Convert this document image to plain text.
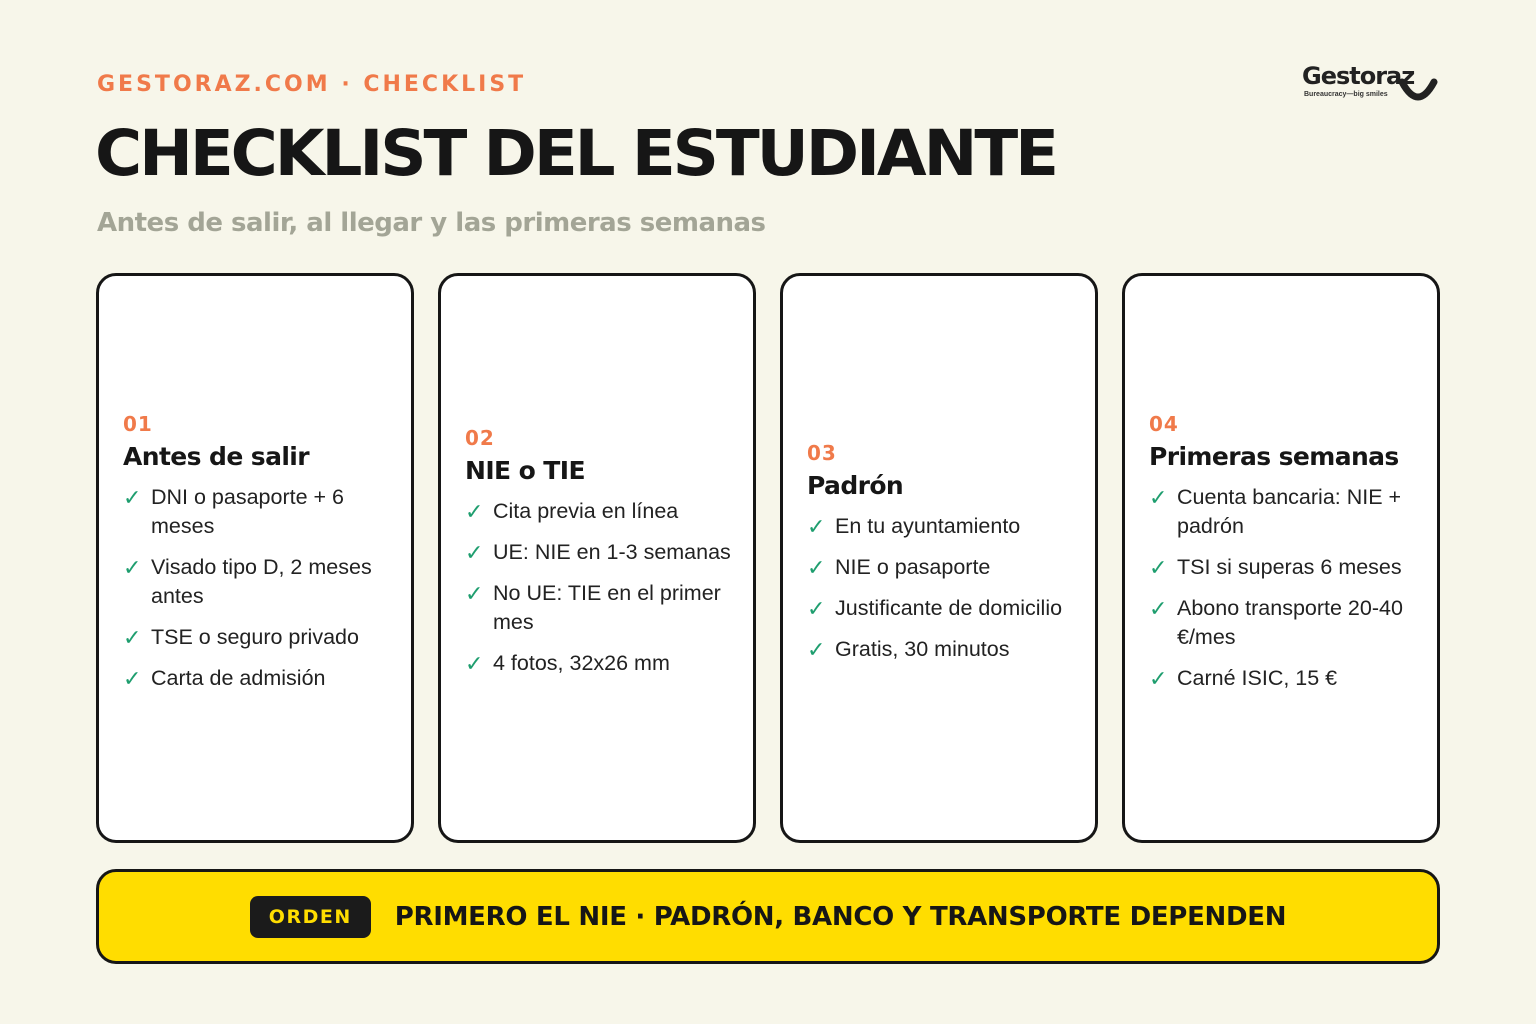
GESTORAZ.COM · CHECKLIST
CHECKLIST DEL ESTUDIANTE
Antes de salir, al llegar y las primeras semanas
Gestoraz
Bureaucracy—big smiles
01
Antes de salir
✓ DNI o pasaporte + 6 meses
✓ Visado tipo D, 2 meses antes
✓ TSE o seguro privado
✓ Carta de admisión
02
NIE o TIE
✓ Cita previa en línea
✓ UE: NIE en 1-3 semanas
✓ No UE: TIE en el primer mes
✓ 4 fotos, 32x26 mm
03
Padrón
✓ En tu ayuntamiento
✓ NIE o pasaporte
✓ Justificante de domicilio
✓ Gratis, 30 minutos
04
Primeras semanas
✓ Cuenta bancaria: NIE + padrón
✓ TSI si superas 6 meses
✓ Abono transporte 20-40 €/mes
✓ Carné ISIC, 15 €
ORDEN	PRIMERO EL NIE · PADRÓN, BANCO Y TRANSPORTE DEPENDEN
